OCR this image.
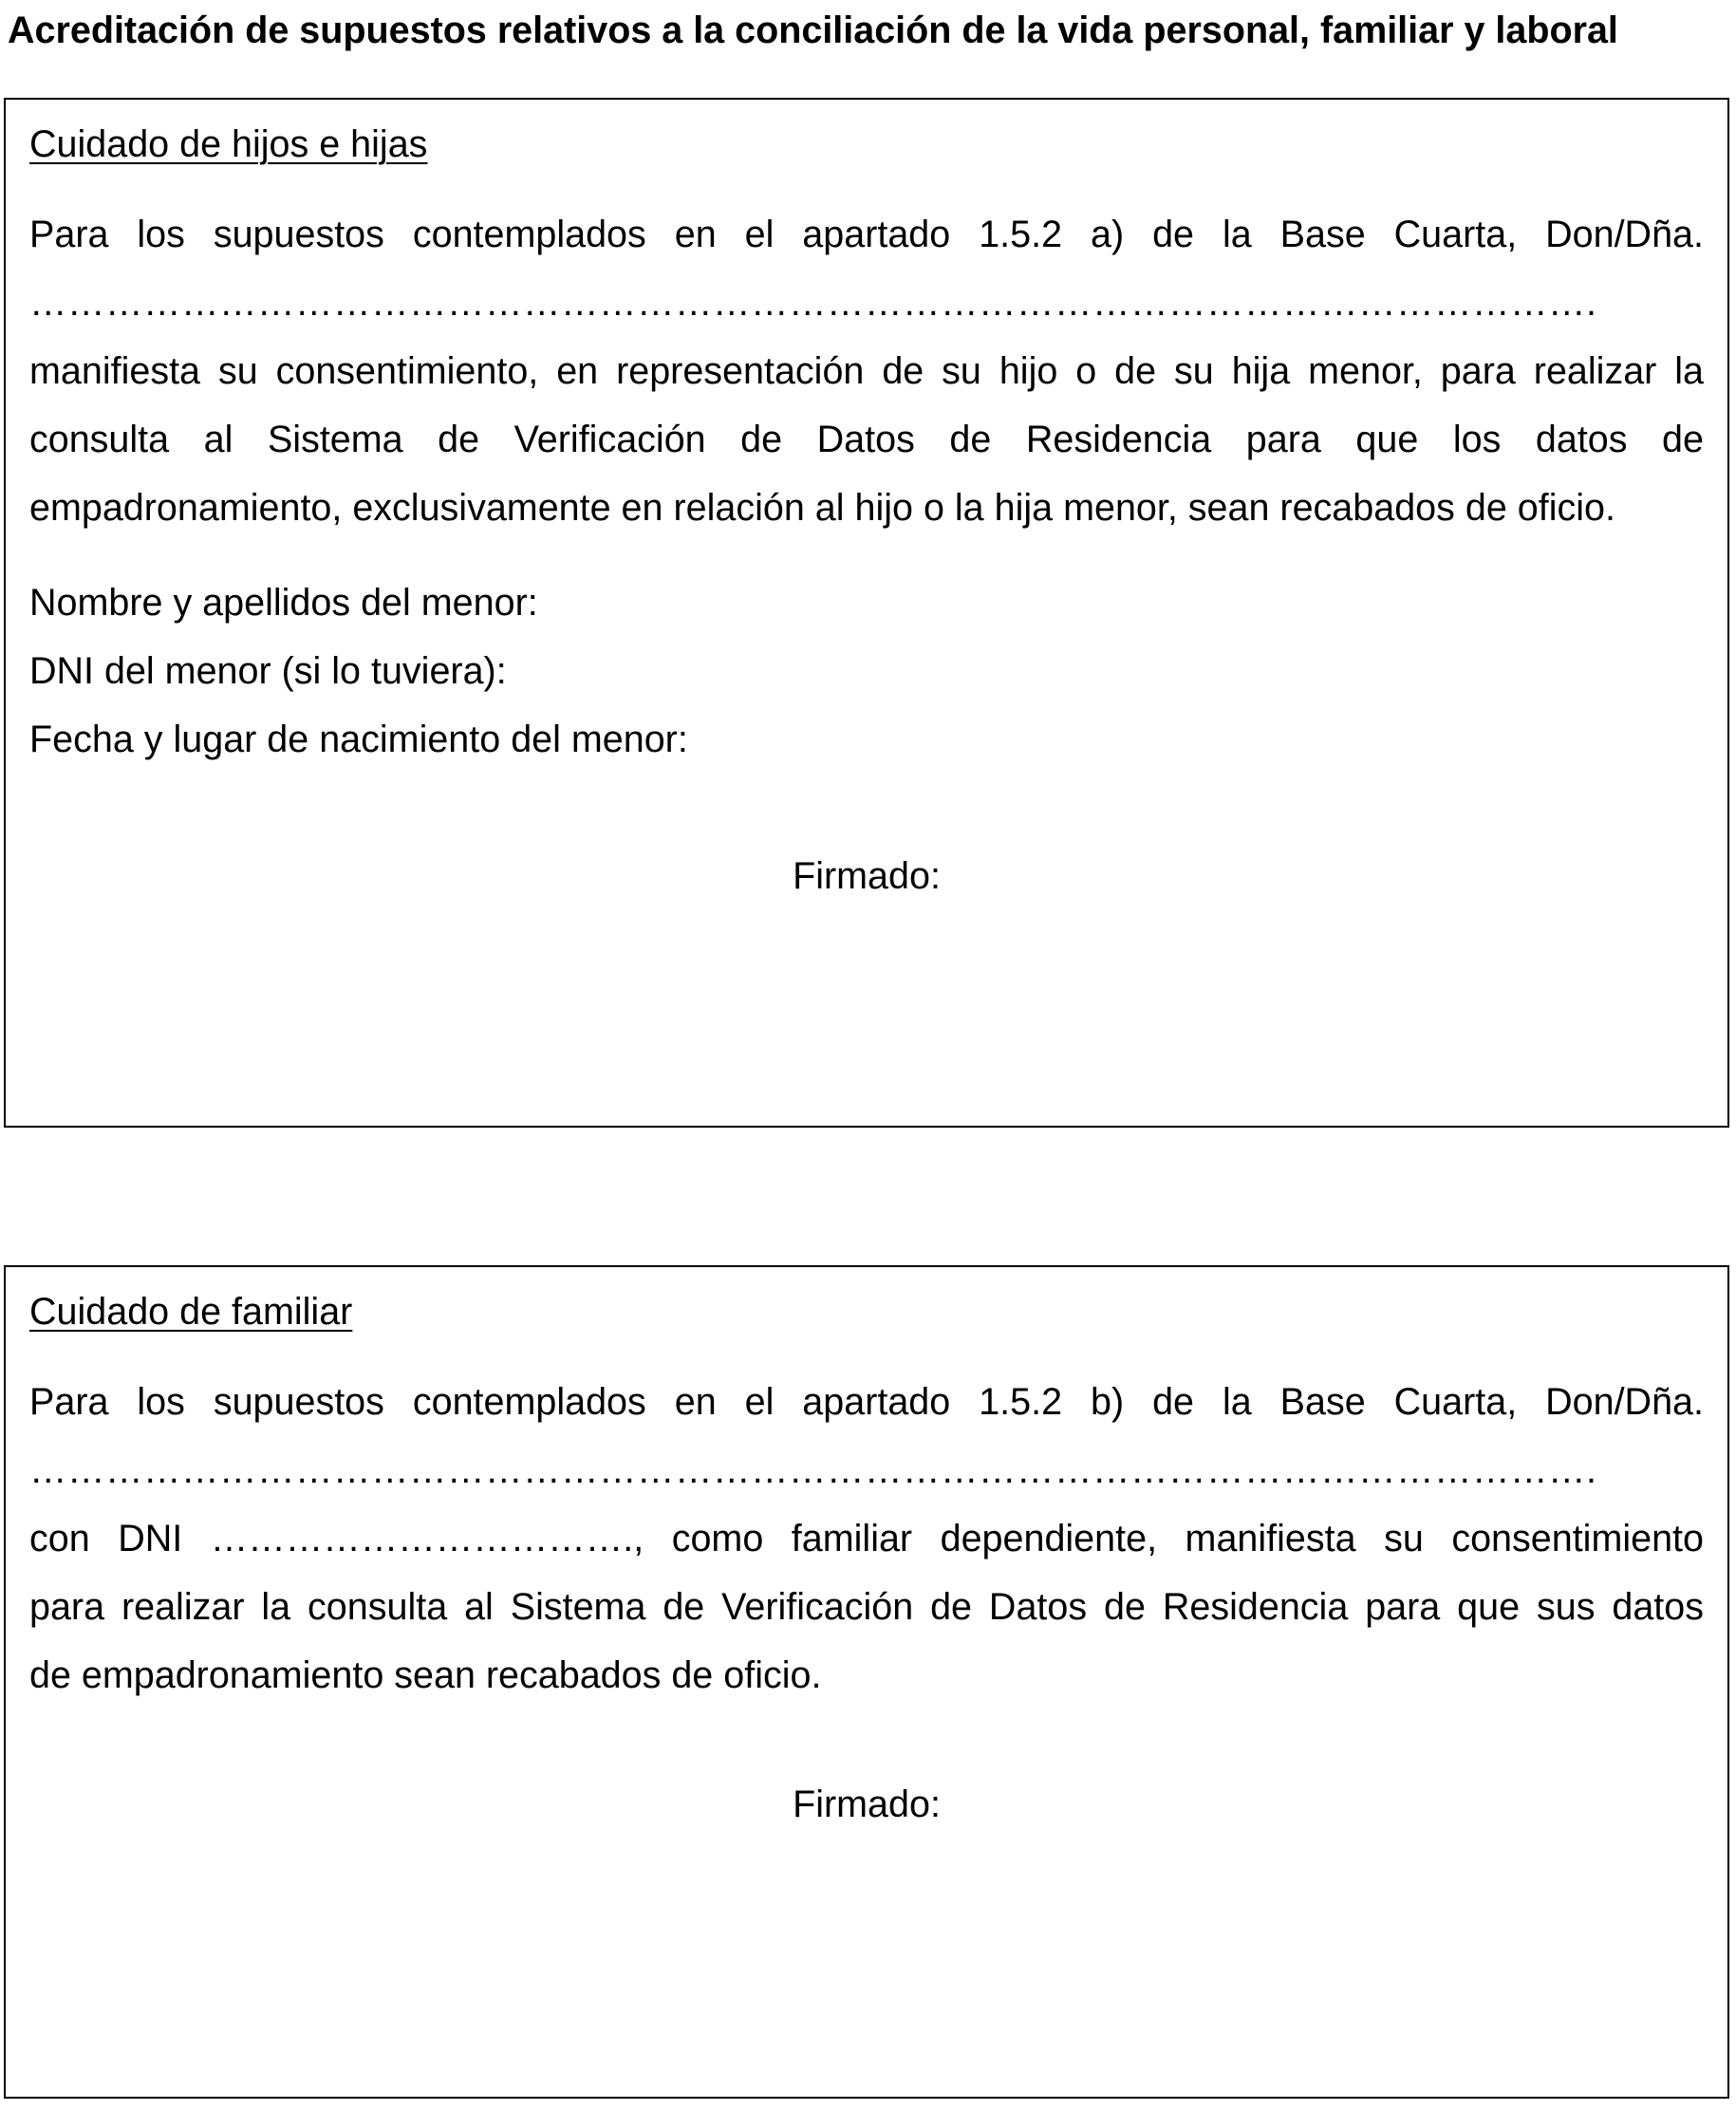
Acreditación de supuestos relativos a la conciliación de la vida personal, familiar y laboral
Cuidado de hijos e hijas
Para los supuestos contemplados en el apartado 1.5.2 a) de la Base Cuarta, Don/Dña.
…………………………………………………………………………………………………………….
manifiesta su consentimiento, en representación de su hijo o de su hija menor, para realizar la
consulta al Sistema de Verificación de Datos de Residencia para que los datos de
empadronamiento, exclusivamente en relación al hijo o la hija menor, sean recabados de oficio.
Nombre y apellidos del menor:
DNI del menor (si lo tuviera):
Fecha y lugar de nacimiento del menor:
Firmado:
Cuidado de familiar
Para los supuestos contemplados en el apartado 1.5.2 b) de la Base Cuarta, Don/Dña.
…………………………………………………………………………………………………………….
con DNI ……………………………., como familiar dependiente, manifiesta su consentimiento
para realizar la consulta al Sistema de Verificación de Datos de Residencia para que sus datos
de empadronamiento sean recabados de oficio.
Firmado:
